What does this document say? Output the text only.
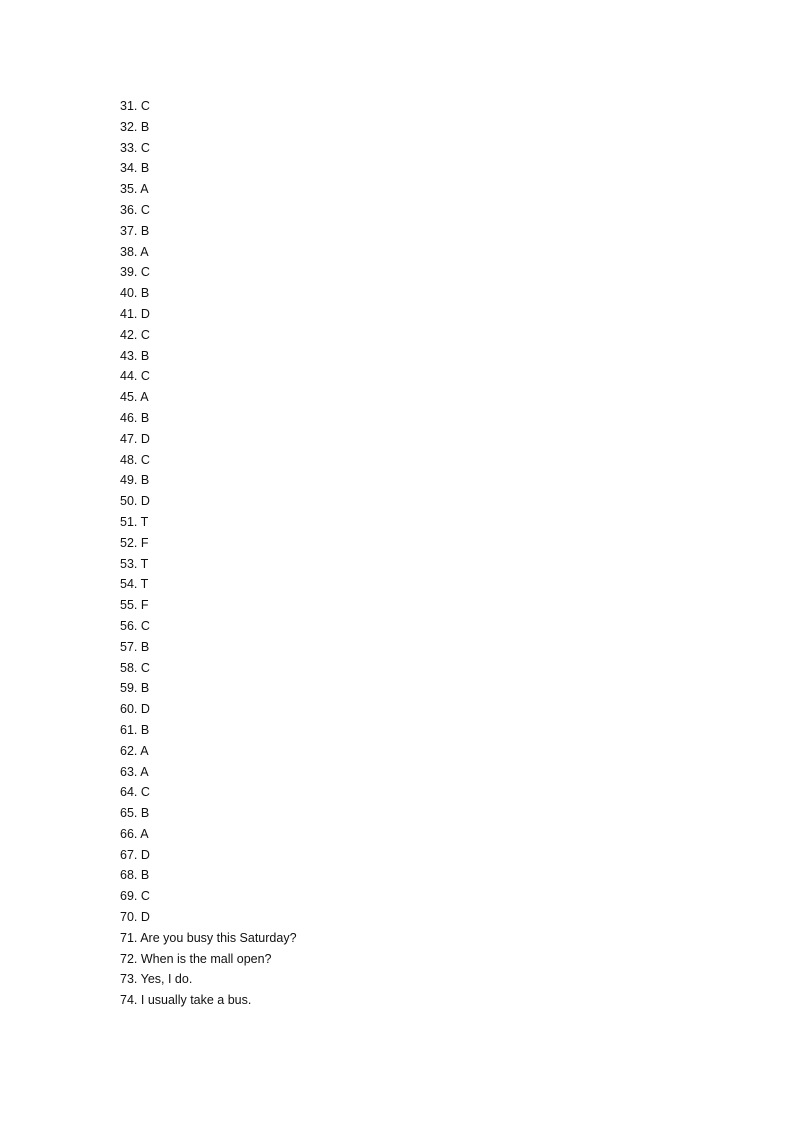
31. C
32. B
33. C
34. B
35. A
36. C
37. B
38. A
39. C
40. B
41. D
42. C
43. B
44. C
45. A
46. B
47. D
48. C
49. B
50. D
51. T
52. F
53. T
54. T
55. F
56. C
57. B
58. C
59. B
60. D
61. B
62. A
63. A
64. C
65. B
66. A
67. D
68. B
69. C
70. D
71. Are you busy this Saturday?
72. When is the mall open?
73. Yes, I do.
74. I usually take a bus.
